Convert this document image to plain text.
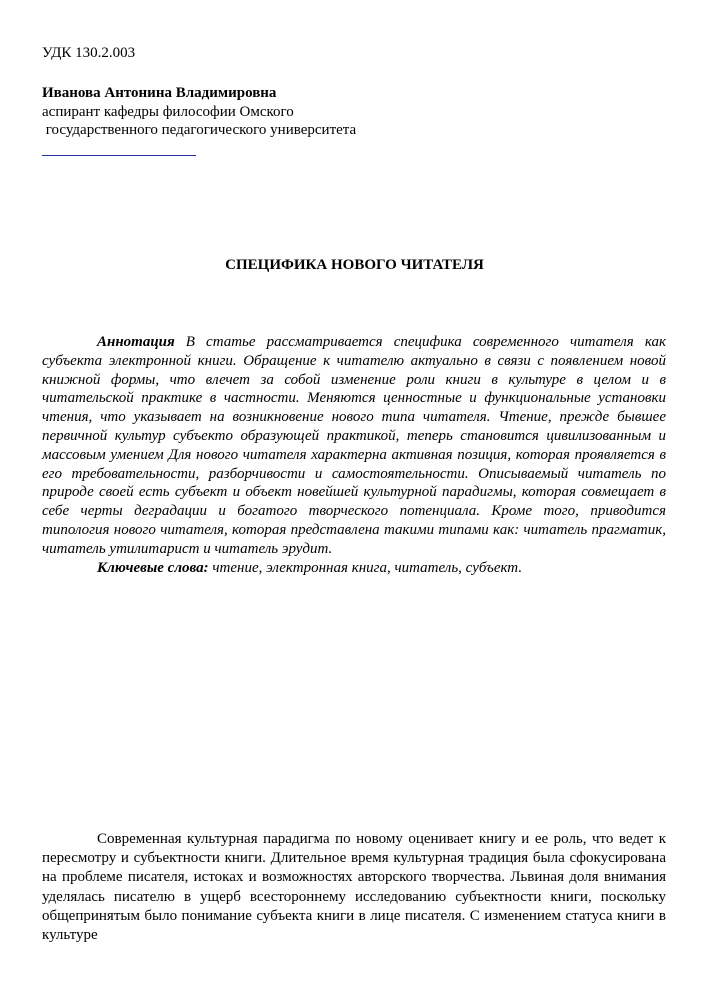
УДК 130.2.003
Иванова Антонина Владимировна
аспирант кафедры философии Омского
государственного педагогического университета
СПЕЦИФИКА НОВОГО ЧИТАТЕЛЯ

Аннотация В статье рассматривается специфика современного читателя как субъекта электронной книги. Обращение к читателю актуально в связи с появлением новой книжной формы, что влечет за собой изменение роли книги в культуре в целом и в читательской практике в частности. Меняются ценностные и функциональные установки чтения, что указывает на возникновение нового типа читателя. Чтение, прежде бывшее первичной культур субъекто образующей практикой, теперь становится цивилизованным и массовым умением Для нового читателя характерна активная позиция, которая проявляется в его требовательности, разборчивости и самостоятельности. Описываемый читатель по природе своей есть субъект и объект новейшей культурной парадигмы, которая совмещает в себе черты деградации и богатого творческого потенциала. Кроме того, приводится типология нового читателя, которая представлена такими типами как: читатель прагматик, читатель утилитарист и читатель эрудит.

Ключевые слова: чтение, электронная книга, читатель, субъект.

Современная культурная парадигма по новому оценивает книгу и ее роль, что ведет к пересмотру и субъектности книги. Длительное время культурная традиция была сфокусирована на проблеме писателя, истоках и возможностях авторского творчества. Львиная доля внимания уделялась писателю в ущерб всестороннему исследованию субъектности книги, поскольку общепринятым было понимание субъекта книги в лице писателя. С изменением статуса книги в культуре
